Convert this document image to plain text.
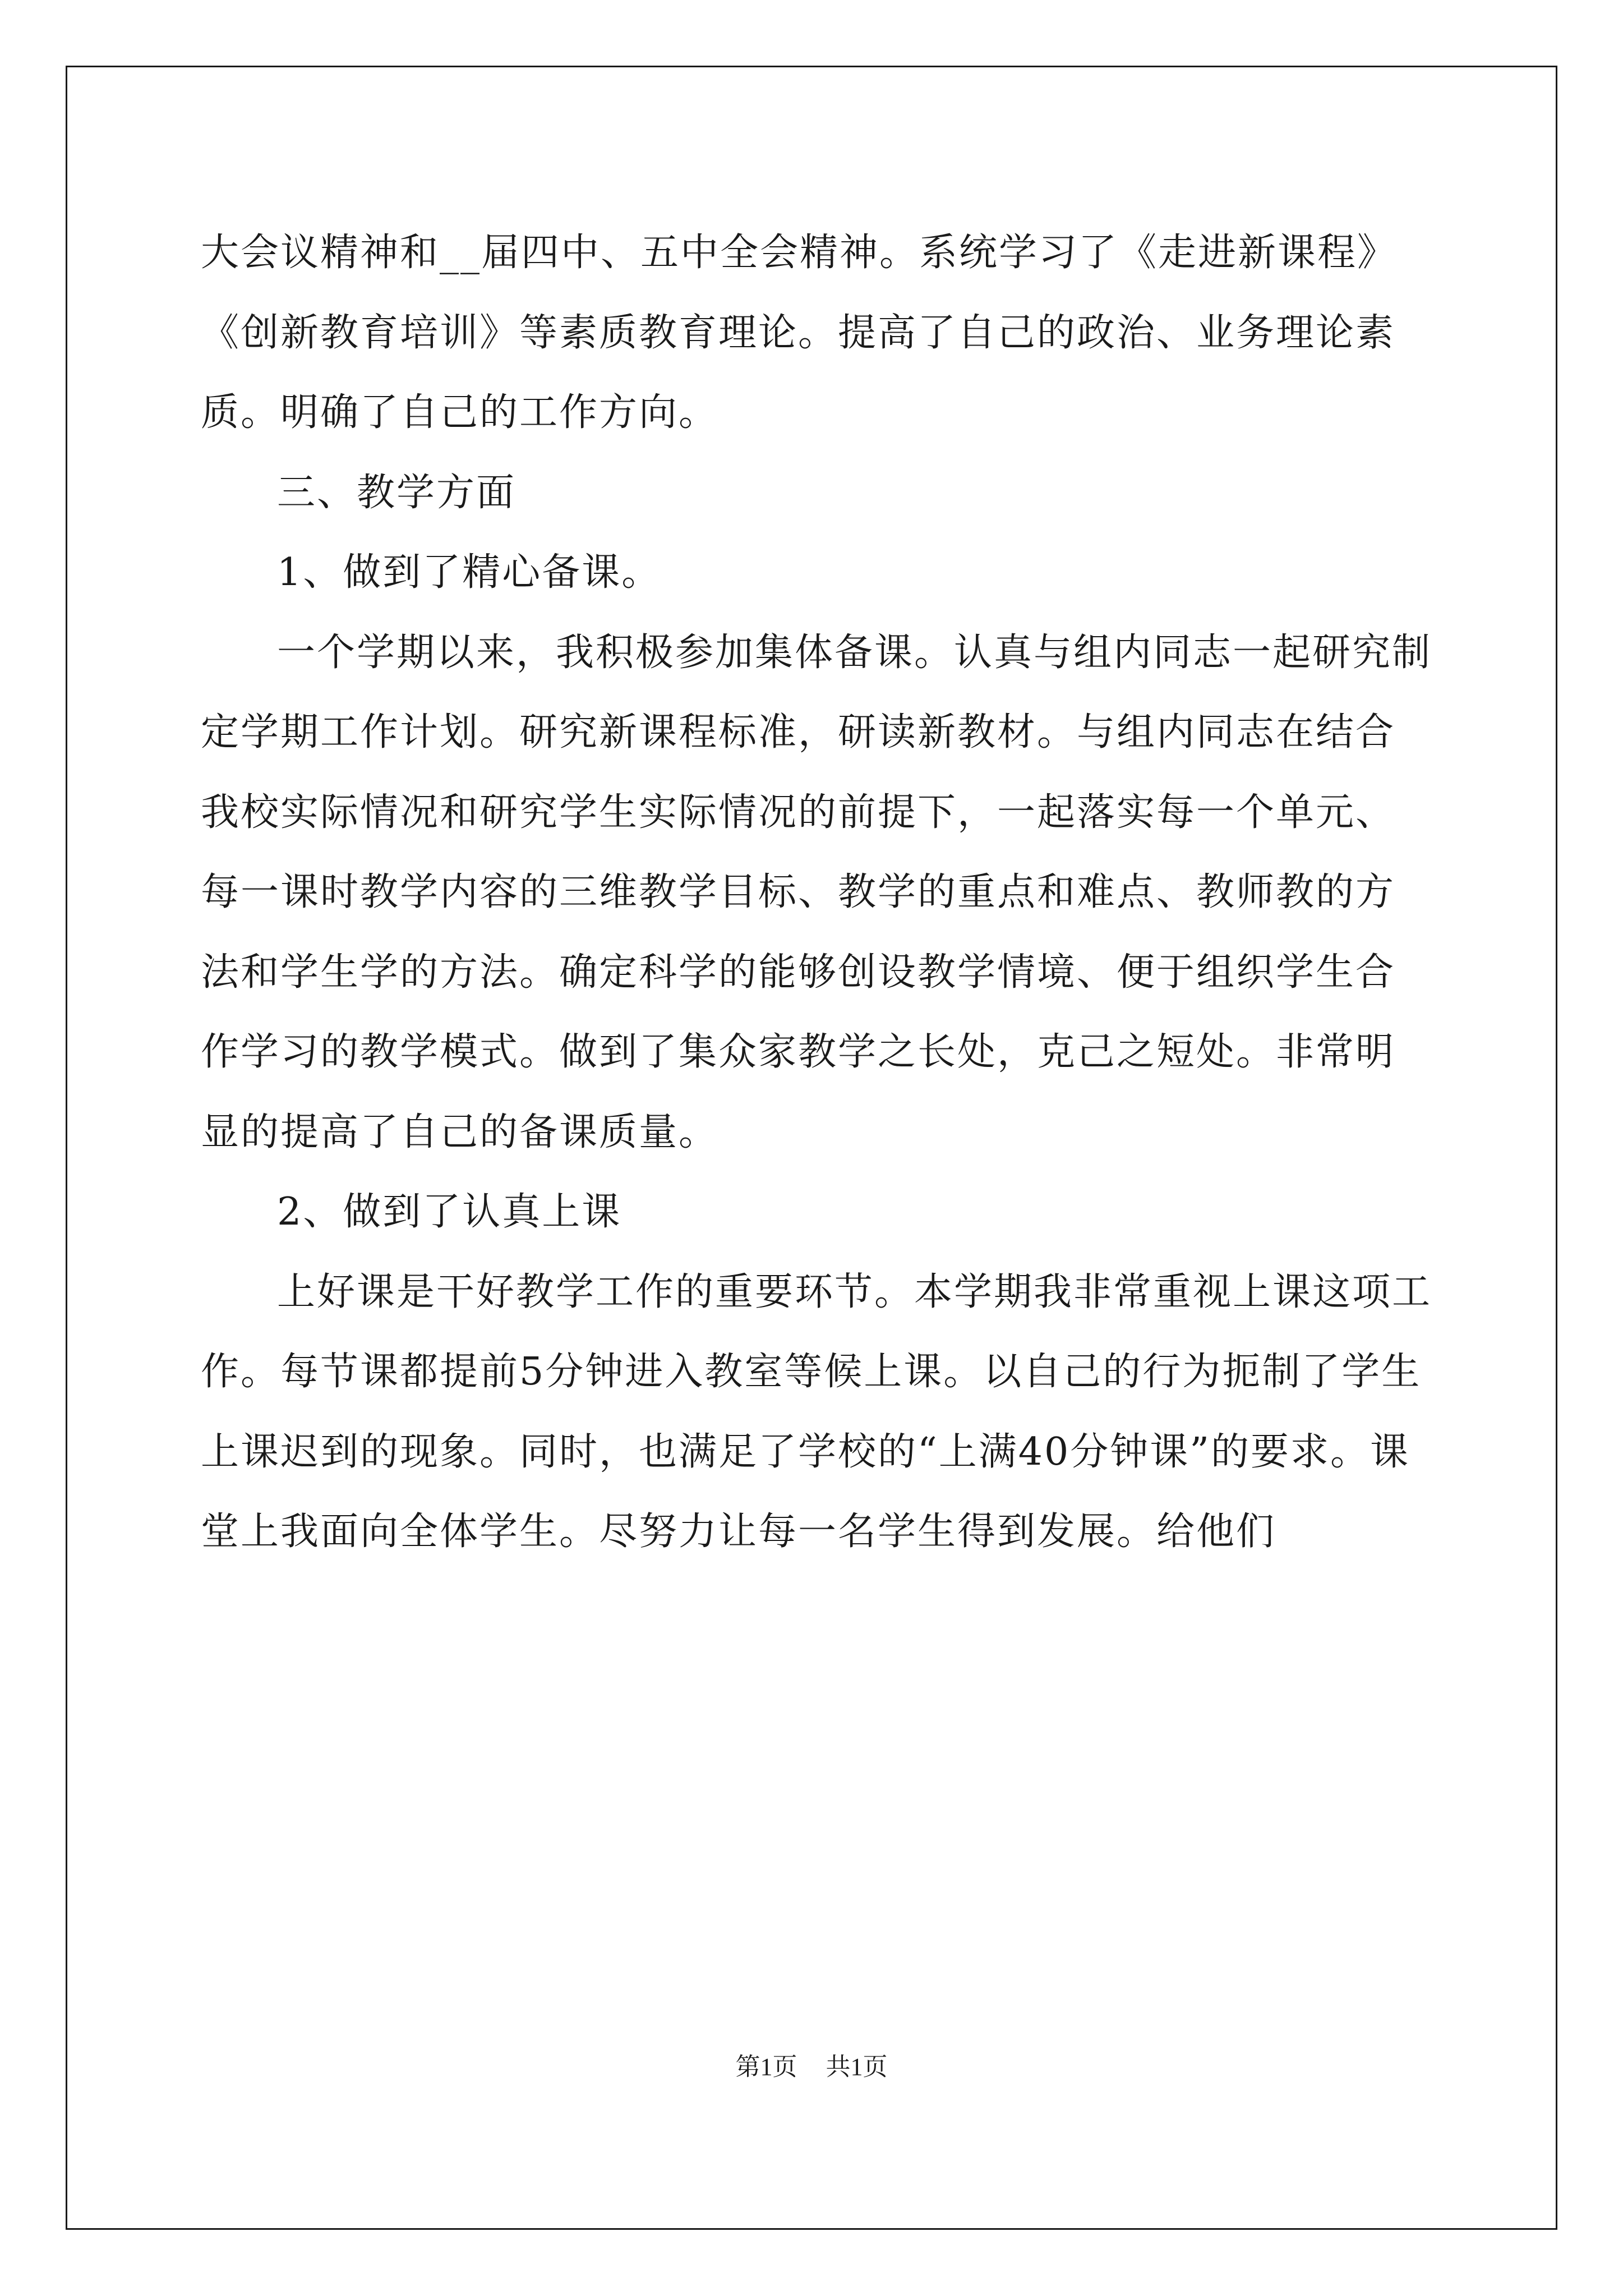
大会议精神和__届四中、五中全会精神。系统学习了《走进新课程》《创新教育培训》等素质教育理论。提高了自己的政治、业务理论素质。明确了自己的工作方向。

三、教学方面

1、做到了精心备课。

一个学期以来，我积极参加集体备课。认真与组内同志一起研究制定学期工作计划。研究新课程标准，研读新教材。与组内同志在结合我校实际情况和研究学生实际情况的前提下，一起落实每一个单元、每一课时教学内容的三维教学目标、教学的重点和难点、教师教的方法和学生学的方法。确定科学的能够创设教学情境、便于组织学生合作学习的教学模式。做到了集众家教学之长处，克己之短处。非常明显的提高了自己的备课质量。

2、做到了认真上课

上好课是干好教学工作的重要环节。本学期我非常重视上课这项工作。每节课都提前5分钟进入教室等候上课。以自己的行为扼制了学生上课迟到的现象。同时，也满足了学校的“上满40分钟课”的要求。课堂上我面向全体学生。尽努力让每一名学生得到发展。给他们

第1页 共1页
